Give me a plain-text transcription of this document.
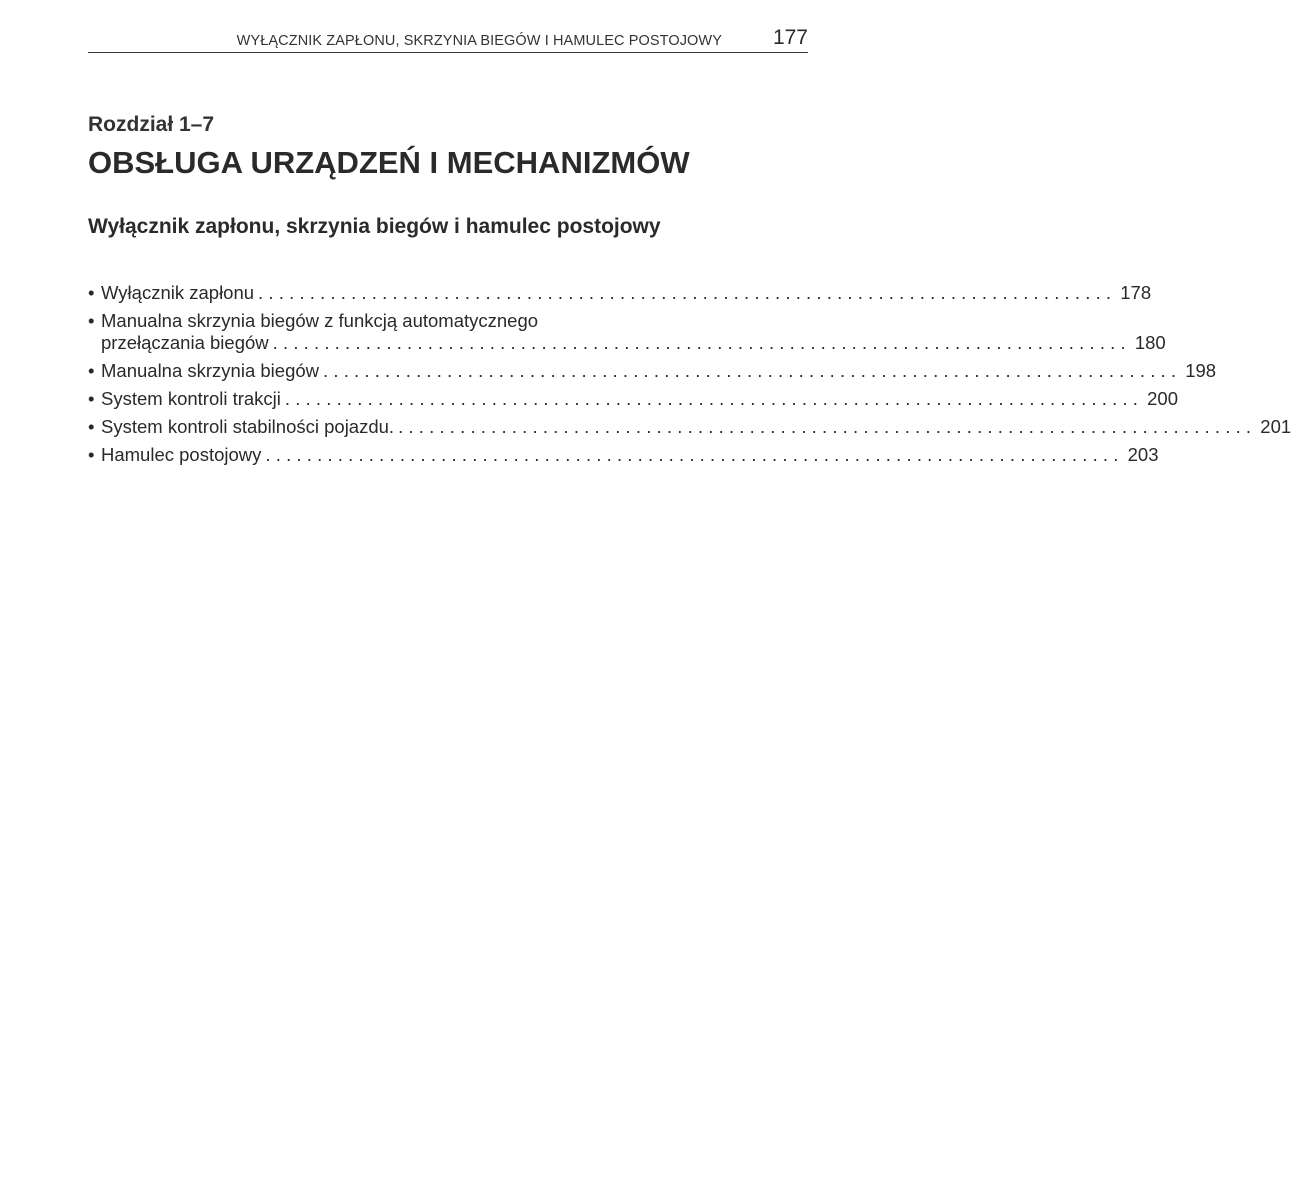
WYŁĄCZNIK ZAPŁONU, SKRZYNIA BIEGÓW I HAMULEC POSTOJOWY 177
Rozdział 1–7
OBSŁUGA URZĄDZEŃ I MECHANIZMÓW
Wyłącznik zapłonu, skrzynia biegów i hamulec postojowy
• Wyłącznik zapłonu ................................................................................... 178
• Manualna skrzynia biegów z funkcją automatycznego
przełączania biegów ................................................................................... 180
• Manualna skrzynia biegów ................................................................................... 198
• System kontroli trakcji ................................................................................... 200
• System kontroli stabilności pojazdu. ................................................................................... 201
• Hamulec postojowy ................................................................................... 203
